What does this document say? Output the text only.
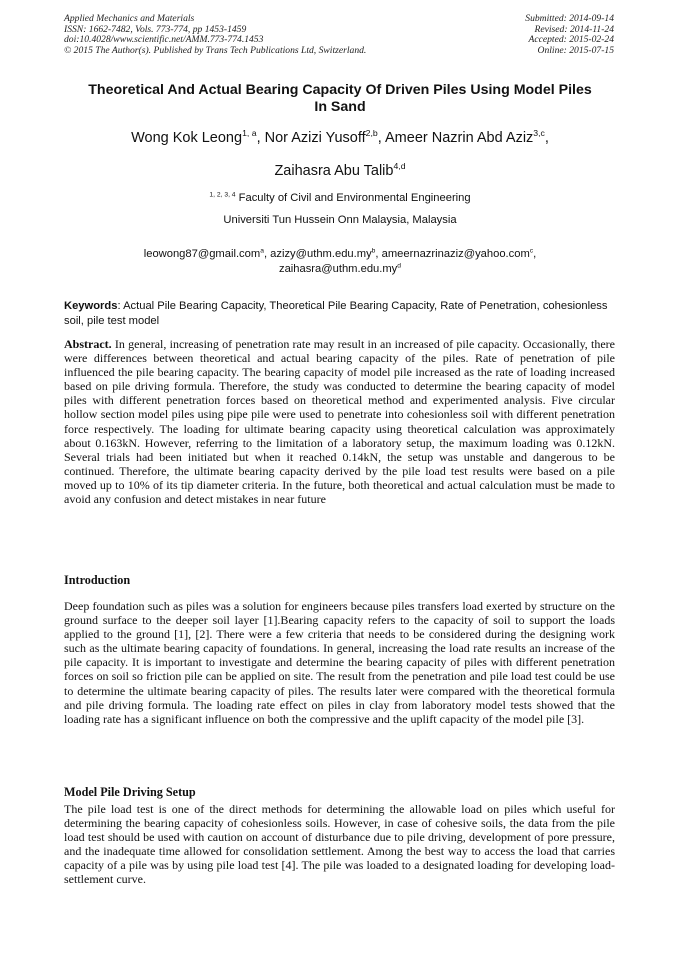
Applied Mechanics and Materials
ISSN: 1662-7482, Vols. 773-774, pp 1453-1459
doi:10.4028/www.scientific.net/AMM.773-774.1453
© 2015 The Author(s). Published by Trans Tech Publications Ltd, Switzerland.
Submitted: 2014-09-14
Revised: 2014-11-24
Accepted: 2015-02-24
Online: 2015-07-15
Theoretical And Actual Bearing Capacity Of Driven Piles Using Model Piles In Sand
Wong Kok Leong$^{1, a}$, Nor Azizi Yusoff$^{2,b}$, Ameer Nazrin Abd Aziz$^{3,c}$,
Zaihasra Abu Talib$^{4,d}$
$^{1, 2, 3, 4}$ Faculty of Civil and Environmental Engineering
Universiti Tun Hussein Onn Malaysia, Malaysia
leowong87@gmail.com$^a$, $azizy@uthm.edu.my^b$, ameernazrinaziz@yahoo.com$^c$,
$zaihasra@uthm.edu.my^d$
Keywords: Actual Pile Bearing Capacity, Theoretical Pile Bearing Capacity, Rate of Penetration, cohesionless soil, pile test model

Abstract. In general, increasing of penetration rate may result in an increased of pile capacity. Occasionally, there were differences between theoretical and actual bearing capacity of the piles. Rate of penetration of pile influenced the pile bearing capacity. The bearing capacity of model pile increased as the rate of loading increased based on pile driving formula. Therefore, the study was conducted to determine the bearing capacity of model piles with different penetration forces based on theoretical method and experimented analysis. Five circular hollow section model piles using pipe pile were used to penetrate into cohesionless soil with different penetration force respectively. The loading for ultimate bearing capacity using theoretical calculation was approximately about 0.163kN. However, referring to the limitation of a laboratory setup, the maximum loading was 0.12kN. Several trials had been initiated but when it reached 0.14kN, the setup was unstable and dangerous to be continued. Therefore, the ultimate bearing capacity derived by the pile load test results were based on a pile moved up to 10% of its tip diameter criteria. In the future, both theoretical and actual calculation must be made to avoid any confusion and detect mistakes in near future

Introduction

Deep foundation such as piles was a solution for engineers because piles transfers load exerted by structure on the ground surface to the deeper soil layer [1].Bearing capacity refers to the capacity of soil to support the loads applied to the ground [1], [2]. There were a few criteria that needs to be considered during the designing work such as the ultimate bearing capacity of foundations. In general, increasing the load rate results an increase of the pile capacity. It is important to investigate and determine the bearing capacity of piles with different penetration forces on soil so friction pile can be applied on site. The result from the penetration and pile load test could be use to determine the ultimate bearing capacity of piles. The results later were compared with the theoretical formula and pile driving formula. The loading rate effect on piles in clay from laboratory model tests showed that the loading rate has a significant influence on both the compressive and the uplift capacity of the model pile [3].

Model Pile Driving Setup

The pile load test is one of the direct methods for determining the allowable load on piles which useful for determining the bearing capacity of cohesionless soils. However, in case of cohesive soils, the data from the pile load test should be used with caution on account of disturbance due to pile driving, development of pore pressure, and the inadequate time allowed for consolidation settlement. Among the best way to access the load that carries capacity of a pile was by using pile load test [4]. The pile was loaded to a designated loading for developing load-settlement curve.
